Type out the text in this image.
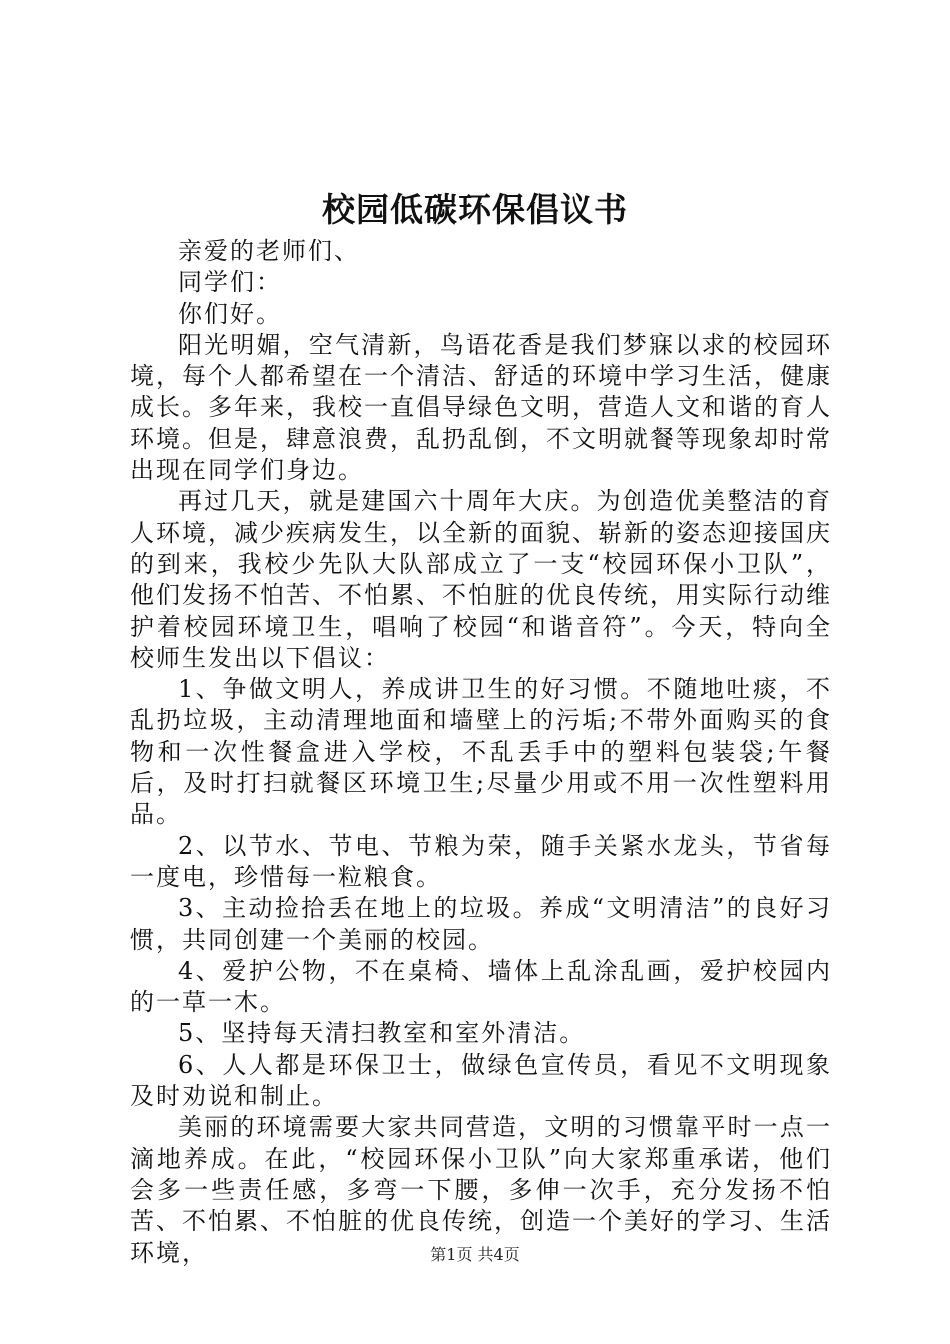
校园低碳环保倡议书

亲爱的老师们、

同学们：

你们好。

阳光明媚，空气清新，鸟语花香是我们梦寐以求的校园环境，每个人都希望在一个清洁、舒适的环境中学习生活，健康成长。多年来，我校一直倡导绿色文明，营造人文和谐的育人环境。但是，肆意浪费，乱扔乱倒，不文明就餐等现象却时常出现在同学们身边。

再过几天，就是建国六十周年大庆。为创造优美整洁的育人环境，减少疾病发生，以全新的面貌、崭新的姿态迎接国庆的到来，我校少先队大队部成立了一支“校园环保小卫队”，他们发扬不怕苦、不怕累、不怕脏的优良传统，用实际行动维护着校园环境卫生，唱响了校园“和谐音符”。今天，特向全校师生发出以下倡议：

1、争做文明人，养成讲卫生的好习惯。不随地吐痰，不乱扔垃圾，主动清理地面和墙壁上的污垢;不带外面购买的食物和一次性餐盒进入学校，不乱丢手中的塑料包装袋;午餐后，及时打扫就餐区环境卫生;尽量少用或不用一次性塑料用品。

2、以节水、节电、节粮为荣，随手关紧水龙头，节省每一度电，珍惜每一粒粮食。

3、主动捡拾丢在地上的垃圾。养成“文明清洁”的良好习惯，共同创建一个美丽的校园。

4、爱护公物，不在桌椅、墙体上乱涂乱画，爱护校园内的一草一木。

5、坚持每天清扫教室和室外清洁。

6、人人都是环保卫士，做绿色宣传员，看见不文明现象及时劝说和制止。

美丽的环境需要大家共同营造，文明的习惯靠平时一点一滴地养成。在此，“校园环保小卫队”向大家郑重承诺，他们会多一些责任感，多弯一下腰，多伸一次手，充分发扬不怕苦、不怕累、不怕脏的优良传统，创造一个美好的学习、生活环境，	第1页 共4页
